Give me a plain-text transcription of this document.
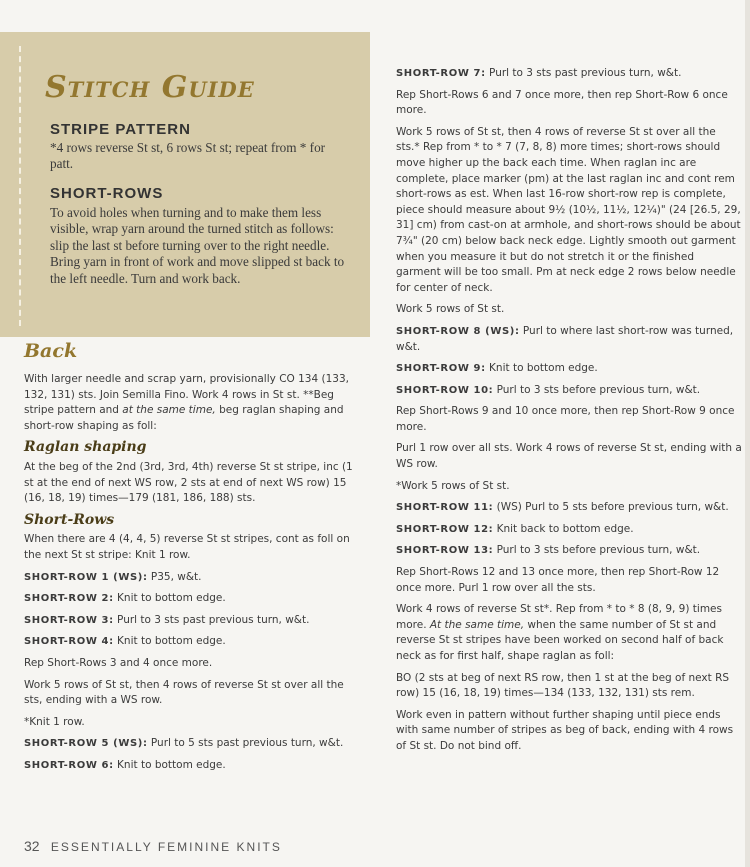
Stitch Guide
STRIPE PATTERN

*4 rows reverse St st, 6 rows St st; repeat from * for patt.

SHORT-ROWS

To avoid holes when turning and to make them less visible, wrap yarn around the turned stitch as follows: slip the last st before turning over to the right needle. Bring yarn in front of work and move slipped st back to the left needle. Turn and work back.

Back

With larger needle and scrap yarn, provisionally CO 134 (133, 132, 131) sts. Join Semilla Fino. Work 4 rows in St st. **Beg stripe pattern and at the same time, beg raglan shaping and short-row shaping as foll:

Raglan shaping

At the beg of the 2nd (3rd, 3rd, 4th) reverse St st stripe, inc (1 st at the end of next WS row, 2 sts at end of next WS row) 15 (16, 18, 19) times—179 (181, 186, 188) sts.

Short-Rows

When there are 4 (4, 4, 5) reverse St st stripes, cont as foll on the next St st stripe: Knit 1 row.

SHORT-ROW 1 (WS): P35, w&t.

SHORT-ROW 2: Knit to bottom edge.

SHORT-ROW 3: Purl to 3 sts past previous turn, w&t.

SHORT-ROW 4: Knit to bottom edge.

Rep Short-Rows 3 and 4 once more.

Work 5 rows of St st, then 4 rows of reverse St st over all the sts, ending with a WS row.

*Knit 1 row.

SHORT-ROW 5 (WS): Purl to 5 sts past previous turn, w&t.

SHORT-ROW 6: Knit to bottom edge.

SHORT-ROW 7: Purl to 3 sts past previous turn, w&t.

Rep Short-Rows 6 and 7 once more, then rep Short-Row 6 once more.

Work 5 rows of St st, then 4 rows of reverse St st over all the sts.* Rep from * to * 7 (7, 8, 8) more times; short-rows should move higher up the back each time. When raglan inc are complete, place marker (pm) at the last raglan inc and cont rem short-rows as est. When last 16-row short-row rep is complete, piece should measure about 9½ (10½, 11½, 12¼)" (24 [26.5, 29, 31] cm) from cast-on at armhole, and short-rows should be about 7¾" (20 cm) below back neck edge. Lightly smooth out garment when you measure it but do not stretch it or the finished garment will be too small. Pm at neck edge 2 rows below needle for center of neck.

Work 5 rows of St st.

SHORT-ROW 8 (WS): Purl to where last short-row was turned, w&t.

SHORT-ROW 9: Knit to bottom edge.

SHORT-ROW 10: Purl to 3 sts before previous turn, w&t.

Rep Short-Rows 9 and 10 once more, then rep Short-Row 9 once more.

Purl 1 row over all sts. Work 4 rows of reverse St st, ending with a WS row.

*Work 5 rows of St st.

SHORT-ROW 11: (WS) Purl to 5 sts before previous turn, w&t.

SHORT-ROW 12: Knit back to bottom edge.

SHORT-ROW 13: Purl to 3 sts before previous turn, w&t.

Rep Short-Rows 12 and 13 once more, then rep Short-Row 12 once more. Purl 1 row over all the sts.

Work 4 rows of reverse St st*. Rep from * to * 8 (8, 9, 9) times more. At the same time, when the same number of St st and reverse St st stripes have been worked on second half of back neck as for first half, shape raglan as foll:

BO (2 sts at beg of next RS row, then 1 st at the beg of next RS row) 15 (16, 18, 19) times—134 (133, 132, 131) sts rem.

Work even in pattern without further shaping until piece ends with same number of stripes as beg of back, ending with 4 rows of St st. Do not bind off.

32 ESSENTIALLY FEMININE KNITS
